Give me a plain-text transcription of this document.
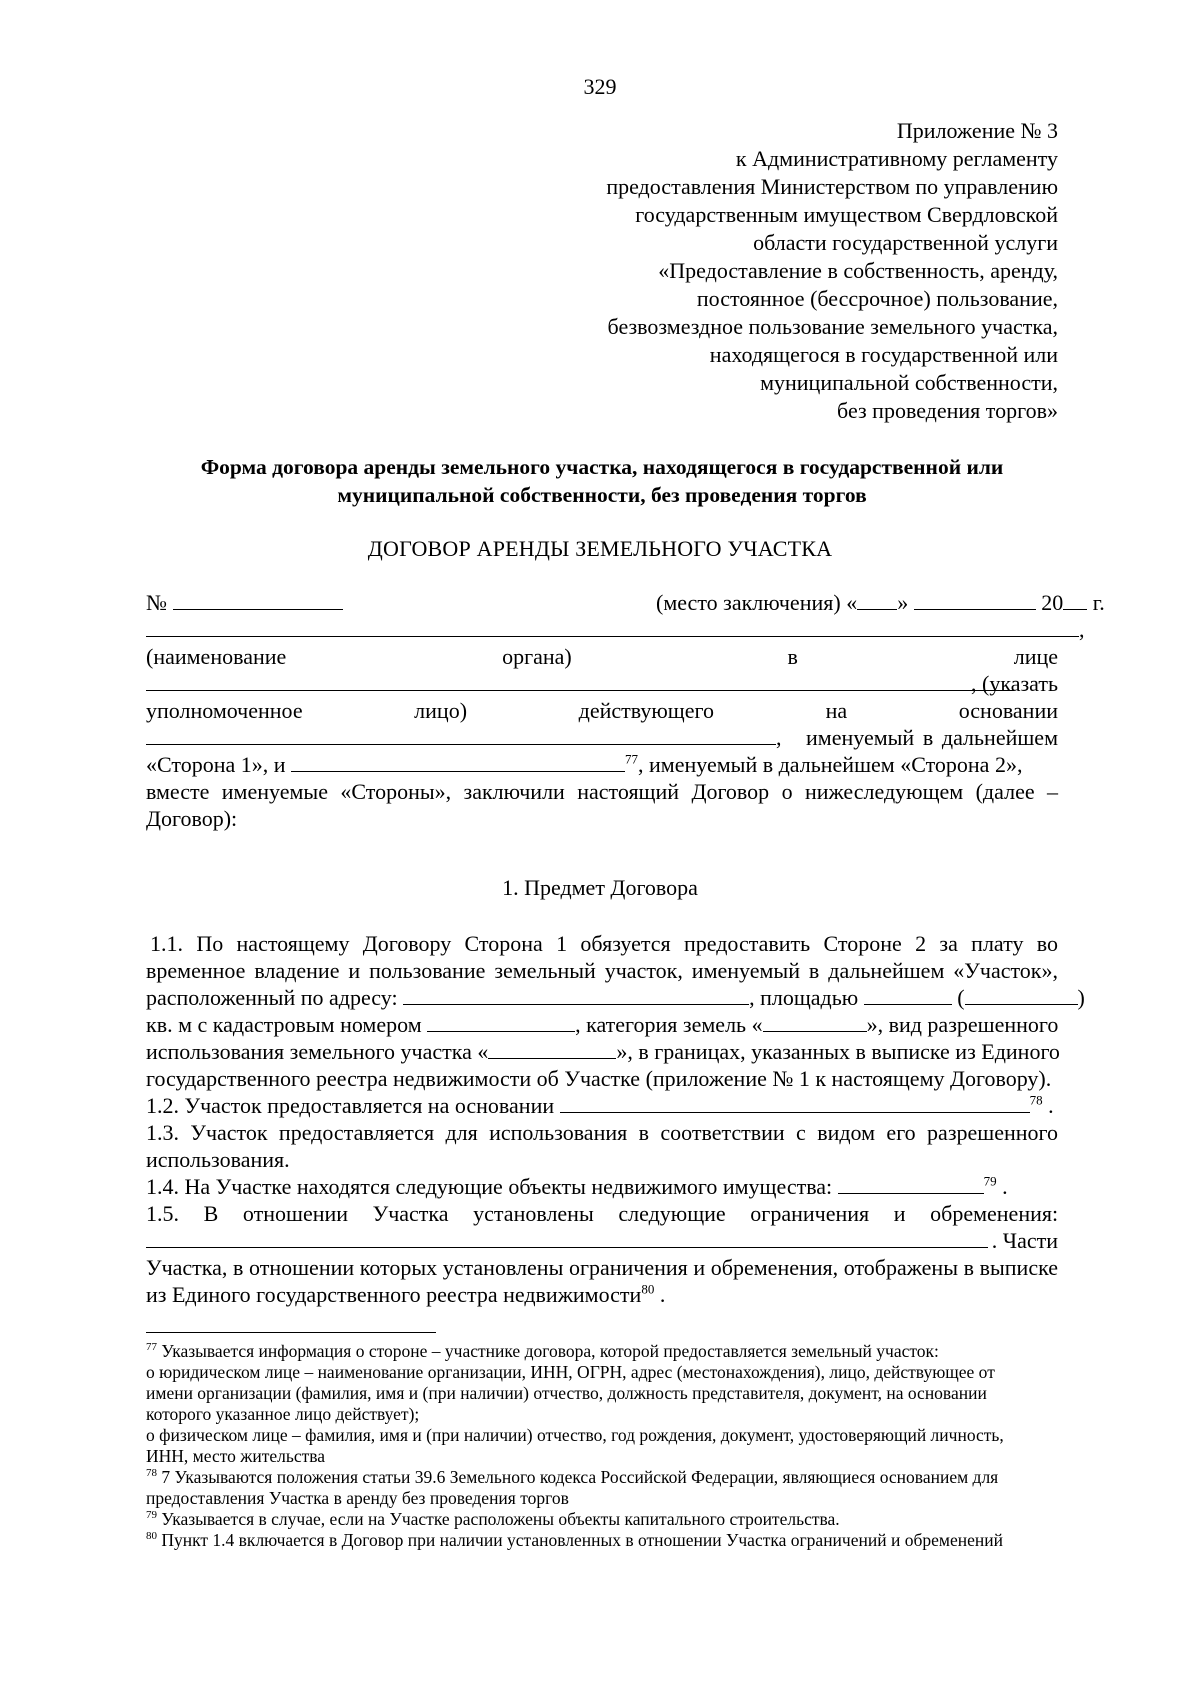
329
Приложение № 3
к Административному регламенту
предоставления Министерством по управлению
государственным имуществом Свердловской
области государственной услуги
«Предоставление в собственность, аренду,
постоянное (бессрочное) пользование,
безвозмездное пользование земельного участка,
находящегося в государственной или
муниципальной собственности,
без проведения торгов»
Форма договора аренды земельного участка, находящегося в государственной или
муниципальной собственности, без проведения торгов
ДОГОВОР АРЕНДЫ ЗЕМЕЛЬНОГО УЧАСТКА
№	(место заключения) « »	20 г.
,
(наименование	органа)	в	лице
, (указать
уполномоченное	лицо)	действующего	на	основании
, именуемый в дальнейшем
«Сторона 1», и	$^{77}$, именуемый в дальнейшем «Сторона 2»,
вместе именуемые «Стороны», заключили настоящий Договор о нижеследующем (далее –
Договор):
1. Предмет Договора
1.1. По настоящему Договору Сторона 1 обязуется предоставить Стороне 2 за плату во
временное владение и пользование земельный участок, именуемый в дальнейшем «Участок»,
расположенный по адресу:	, площадью	(	)
кв. м с кадастровым номером	, категория земель «	», вид разрешенного
использования земельного участка «	», в границах, указанных в выписке из Единого
государственного реестра недвижимости об Участке (приложение № 1 к настоящему Договору).
1.2. Участок предоставляется на основании	$^{78}$ .
1.3. Участок предоставляется для использования в соответствии с видом его разрешенного
использования.
1.4. На Участке находятся следующие объекты недвижимого имущества:	$^{79}$ .
1.5. В отношении Участка установлены следующие ограничения и обременения:
. Части
Участка, в отношении которых установлены ограничения и обременения, отображены в выписке
из Единого государственного реестра недвижимости$^{80}$ .
$^{77}$ Указывается информация о стороне – участнике договора, которой предоставляется земельный участок:
о юридическом лице – наименование организации, ИНН, ОГРН, адрес (местонахождения), лицо, действующее от
имени организации (фамилия, имя и (при наличии) отчество, должность представителя, документ, на основании
которого указанное лицо действует);
о физическом лице – фамилия, имя и (при наличии) отчество, год рождения, документ, удостоверяющий личность,
ИНН, место жительства
$^{78}$ 7 Указываются положения статьи 39.6 Земельного кодекса Российской Федерации, являющиеся основанием для
предоставления Участка в аренду без проведения торгов
$^{79}$ Указывается в случае, если на Участке расположены объекты капитального строительства.
$^{80}$ Пункт 1.4 включается в Договор при наличии установленных в отношении Участка ограничений и обременений
